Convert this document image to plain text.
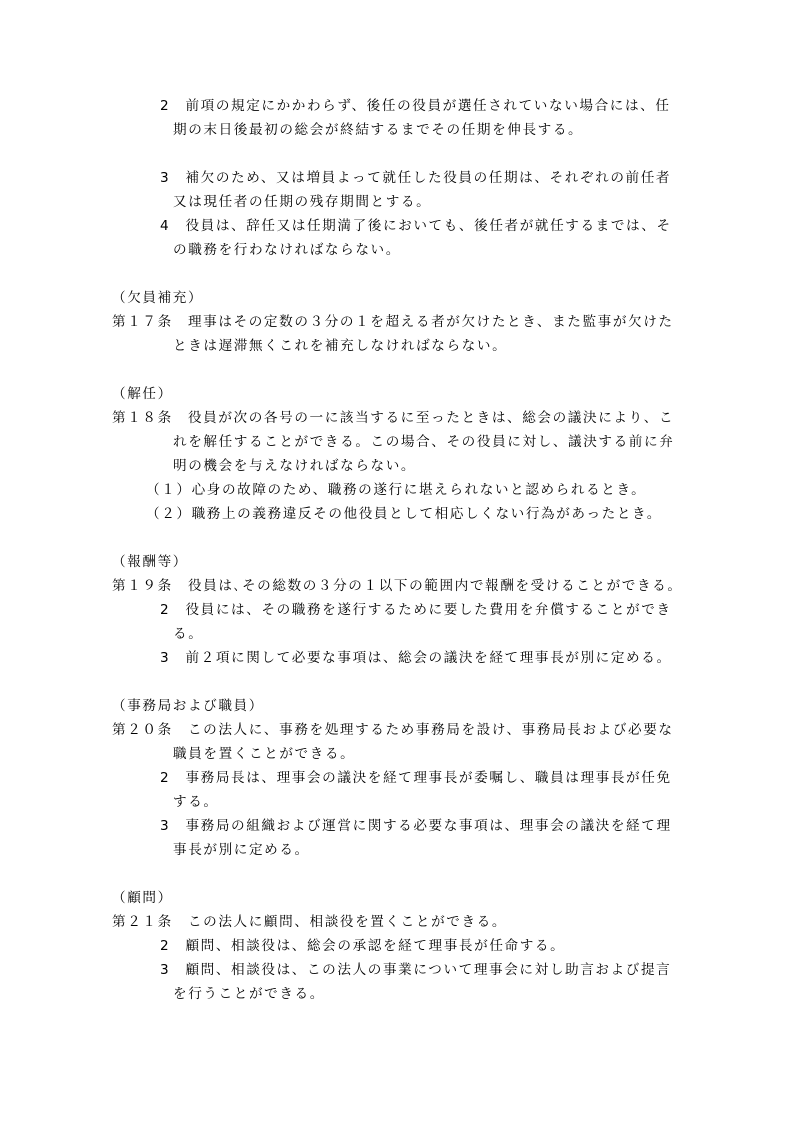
2　前項の規定にかかわらず、後任の役員が選任されていない場合には、任
期の末日後最初の総会が終結するまでその任期を伸長する。
3　補欠のため、又は増員よって就任した役員の任期は、それぞれの前任者
又は現任者の任期の残存期間とする。
4　役員は、辞任又は任期満了後においても、後任者が就任するまでは、そ
の職務を行わなければならない。
（欠員補充）
第１７条　理事はその定数の３分の１を超える者が欠けたとき、また監事が欠けた
ときは遅滞無くこれを補充しなければならない。
（解任）
第１８条　役員が次の各号の一に該当するに至ったときは、総会の議決により、こ
れを解任することができる。この場合、その役員に対し、議決する前に弁
明の機会を与えなければならない。
（１）心身の故障のため、職務の遂行に堪えられないと認められるとき。
（２）職務上の義務違反その他役員として相応しくない行為があったとき。
（報酬等）
第１９条　役員は､その総数の３分の１以下の範囲内で報酬を受けることができる。
2　役員には、その職務を遂行するために要した費用を弁償することができ
る。
3　前２項に関して必要な事項は、総会の議決を経て理事長が別に定める。
（事務局および職員）
第２０条　この法人に、事務を処理するため事務局を設け、事務局長および必要な
職員を置くことができる。
2　事務局長は、理事会の議決を経て理事長が委嘱し、職員は理事長が任免
する。
3　事務局の組織および運営に関する必要な事項は、理事会の議決を経て理
事長が別に定める。
（顧問）
第２１条　この法人に顧問、相談役を置くことができる。
2　顧問、相談役は、総会の承認を経て理事長が任命する。
3　顧問、相談役は、この法人の事業について理事会に対し助言および提言
を行うことができる。
